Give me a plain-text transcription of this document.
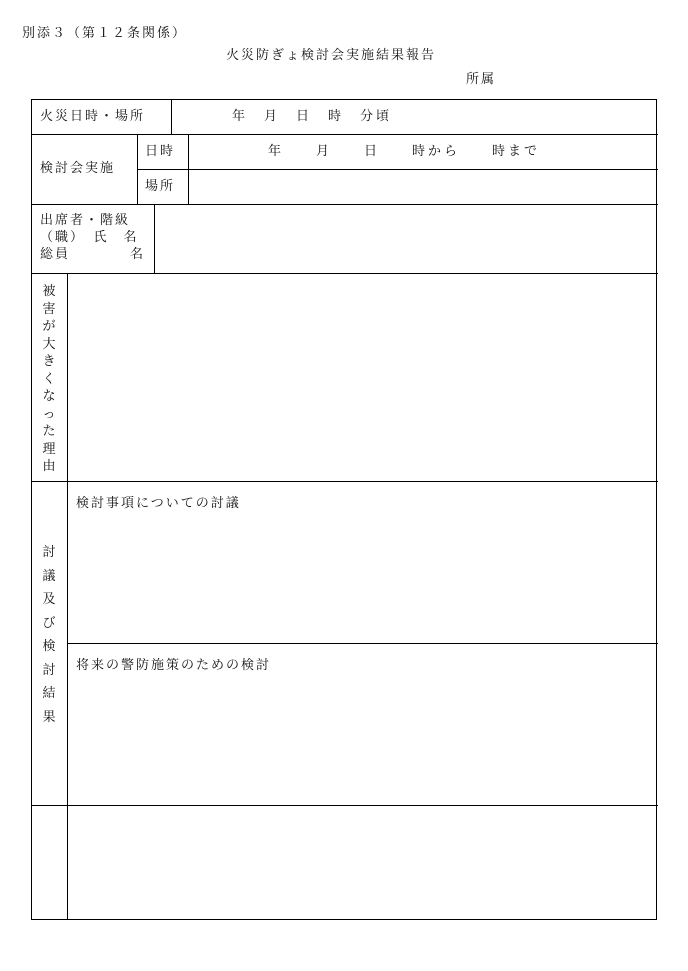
別添３（第１２条関係）
火災防ぎょ検討会実施結果報告
所属
火災日時・場所	年　月　日　時　分頃
検討会実施
日時	年　　月　　日　　時から　　時まで
場所
出席者・階級
（職）　氏　名
総員　　　　名
被
害
が
大
き
く
な
っ
た
理
由
討
議
及
び
検
討
結
果
検討事項についての討議
将来の警防施策のための検討
